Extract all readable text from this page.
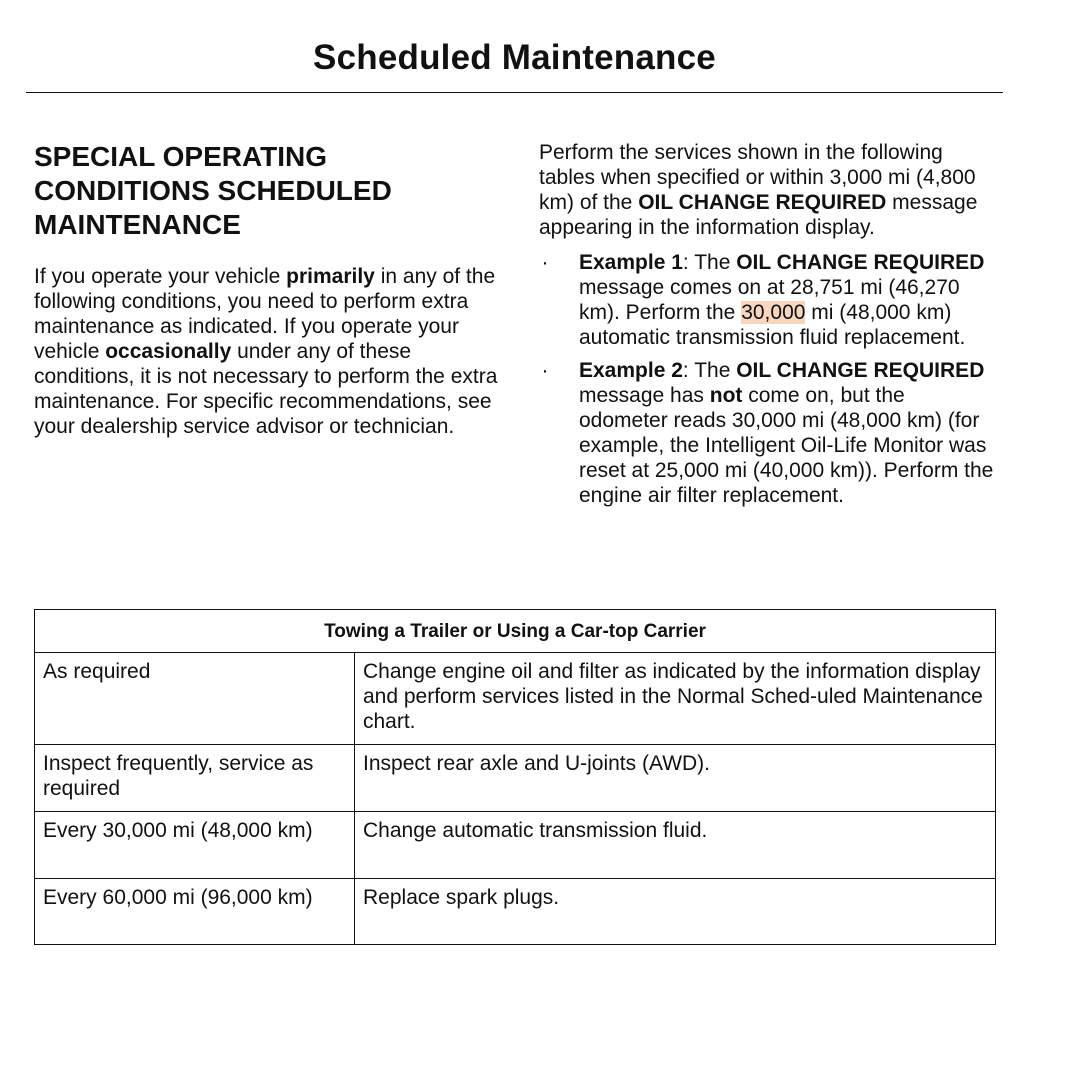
Scheduled Maintenance
SPECIAL OPERATING
CONDITIONS SCHEDULED
MAINTENANCE

If you operate your vehicle primarily in any of the following conditions, you need to perform extra maintenance as indicated. If you operate your vehicle occasionally under any of these conditions, it is not necessary to perform the extra maintenance. For specific recommendations, see your dealership service advisor or technician.

Perform the services shown in the following tables when specified or within 3,000 mi (4,800 km) of the OIL CHANGE REQUIRED message appearing in the information display.

· Example 1: The OIL CHANGE REQUIRED message comes on at 28,751 mi (46,270 km). Perform the 30,000 mi (48,000 km) automatic transmission fluid replacement.
· Example 2: The OIL CHANGE REQUIRED message has not come on, but the odometer reads 30,000 mi (48,000 km) (for example, the Intelligent Oil-Life Monitor was reset at 25,000 mi (40,000 km)). Perform the engine air filter replacement.
Towing a Trailer or Using a Car-top Carrier	
As required	Change engine oil and filter as indicated by the information display and perform services listed in the Normal Sched-uled Maintenance chart.
Inspect frequently, service as required	Inspect rear axle and U-joints (AWD).
Every 30,000 mi (48,000 km)	Change automatic transmission fluid.
Every 60,000 mi (96,000 km)	Replace spark plugs.
